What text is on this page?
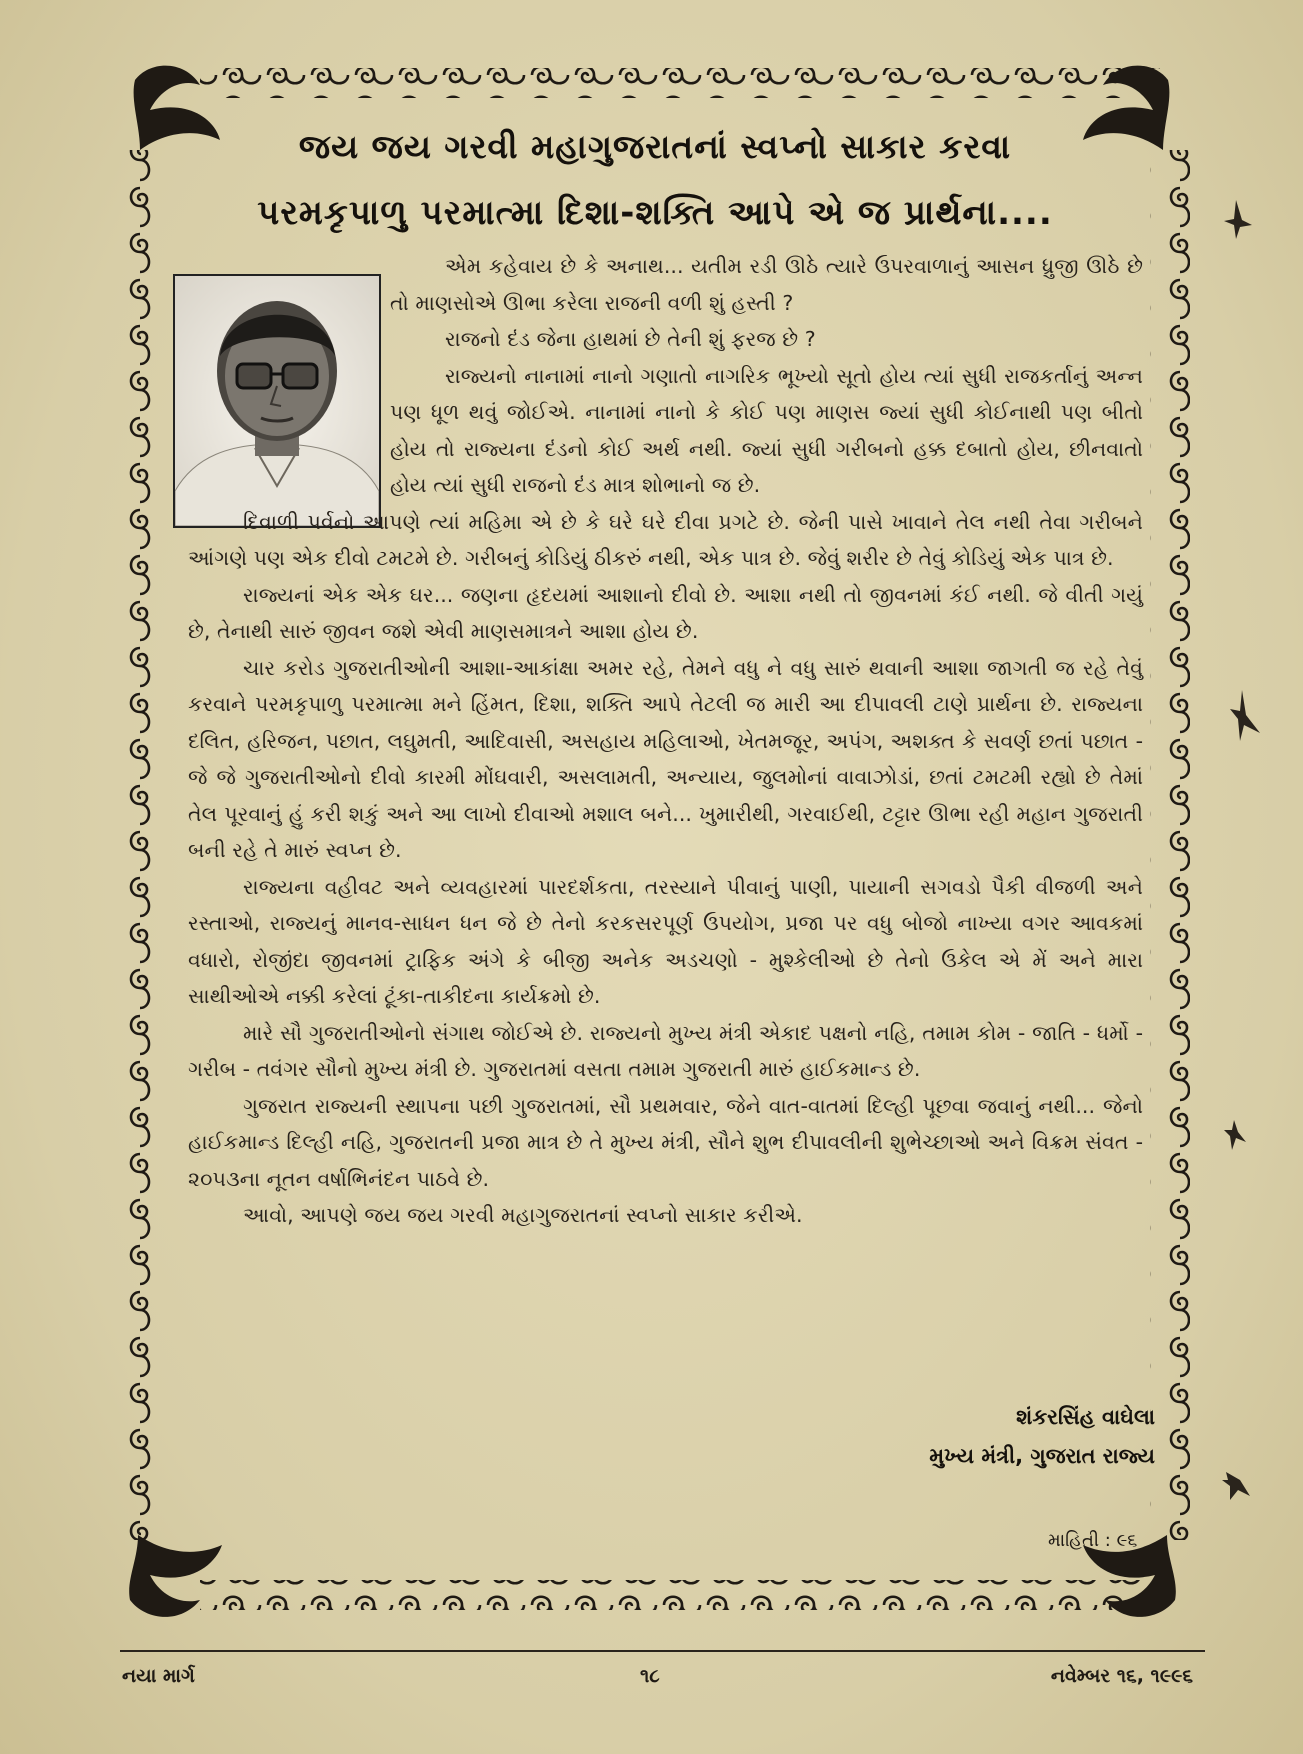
જય જય ગરવી મહાગુજરાતનાં સ્વપ્નો સાકાર કરવા
પરમકૃપાળુ પરમાત્મા દિશા-શક્તિ આપે એ જ પ્રાર્થના....

એમ કહેવાય છે કે અનાથ... યતીમ રડી ઊઠે ત્યારે ઉપરવાળાનું આસન ધ્રુજી ઊઠે છે તો માણસોએ ઊભા કરેલા રાજની વળી શું હસ્તી ?

રાજનો દંડ જેના હાથમાં છે તેની શું ફરજ છે ?

રાજ્યનો નાનામાં નાનો ગણાતો નાગરિક ભૂખ્યો સૂતો હોય ત્યાં સુધી રાજકર્તાનું અન્ન પણ ધૂળ થવું જોઈએ. નાનામાં નાનો કે કોઈ પણ માણસ જ્યાં સુધી કોઈનાથી પણ બીતો હોય તો રાજ્યના દંડનો કોઈ અર્થ નથી. જ્યાં સુધી ગરીબનો હક્ક દબાતો હોય, છીનવાતો હોય ત્યાં સુધી રાજનો દંડ માત્ર શોભાનો જ છે.

દિવાળી પર્વનો આપણે ત્યાં મહિમા એ છે કે ઘરે ઘરે દીવા પ્રગટે છે. જેની પાસે ખાવાને તેલ નથી તેવા ગરીબને આંગણે પણ એક દીવો ટમટમે છે. ગરીબનું કોડિયું ઠીકરું નથી, એક પાત્ર છે. જેવું શરીર છે તેવું કોડિયું એક પાત્ર છે.

રાજ્યનાં એક એક ઘર... જણના હૃદયમાં આશાનો દીવો છે. આશા નથી તો જીવનમાં કંઈ નથી. જે વીતી ગયું છે, તેનાથી સારું જીવન જશે એવી માણસમાત્રને આશા હોય છે.

ચાર કરોડ ગુજરાતીઓની આશા-આકાંક્ષા અમર રહે, તેમને વધુ ને વધુ સારું થવાની આશા જાગતી જ રહે તેવું કરવાને પરમકૃપાળુ પરમાત્મા મને હિંમત, દિશા, શક્તિ આપે તેટલી જ મારી આ દીપાવલી ટાણે પ્રાર્થના છે. રાજ્યના દલિત, હરિજન, પછાત, લઘુમતી, આદિવાસી, અસહાય મહિલાઓ, ખેતમજૂર, અપંગ, અશક્ત કે સવર્ણ છતાં પછાત - જે જે ગુજરાતીઓનો દીવો કારમી મોંઘવારી, અસલામતી, અન્યાય, જુલમોનાં વાવાઝોડાં, છતાં ટમટમી રહ્યો છે તેમાં તેલ પૂરવાનું હું કરી શકું અને આ લાખો દીવાઓ મશાલ બને... ખુમારીથી, ગરવાઈથી, ટટ્ટાર ઊભા રહી મહાન ગુજરાતી બની રહે તે મારું સ્વપ્ન છે.

રાજ્યના વહીવટ અને વ્યવહારમાં પારદર્શકતા, તરસ્યાને પીવાનું પાણી, પાયાની સગવડો પૈકી વીજળી અને રસ્તાઓ, રાજ્યનું માનવ-સાધન ધન જે છે તેનો કરકસરપૂર્ણ ઉપયોગ, પ્રજા પર વધુ બોજો નાખ્યા વગર આવકમાં વધારો, રોજીંદા જીવનમાં ટ્રાફિક અંગે કે બીજી અનેક અડચણો - મુશ્કેલીઓ છે તેનો ઉકેલ એ મેં અને મારા સાથીઓએ નક્કી કરેલાં ટૂંકા-તાકીદના કાર્યક્રમો છે.

મારે સૌ ગુજરાતીઓનો સંગાથ જોઈએ છે. રાજ્યનો મુખ્ય મંત્રી એકાદ પક્ષનો નહિ, તમામ કોમ - જાતિ - ધર્મો - ગરીબ - તવંગર સૌનો મુખ્ય મંત્રી છે. ગુજરાતમાં વસતા તમામ ગુજરાતી મારું હાઈકમાન્ડ છે.

ગુજરાત રાજ્યની સ્થાપના પછી ગુજરાતમાં, સૌ પ્રથમવાર, જેને વાત-વાતમાં દિલ્હી પૂછવા જવાનું નથી... જેનો હાઈકમાન્ડ દિલ્હી નહિ, ગુજરાતની પ્રજા માત્ર છે તે મુખ્ય મંત્રી, સૌને શુભ દીપાવલીની શુભેચ્છાઓ અને વિક્રમ સંવત - ૨૦૫૩ના નૂતન વર્ષાભિનંદન પાઠવે છે.

આવો, આપણે જય જય ગરવી મહાગુજરાતનાં સ્વપ્નો સાકાર કરીએ.

શંકરસિંહ વાઘેલા
મુખ્ય મંત્રી, ગુજરાત રાજ્ય
માહિતી : ૯૬
નયા માર્ગ	૧૮	નવેમ્બર ૧૬, ૧૯૯૬
